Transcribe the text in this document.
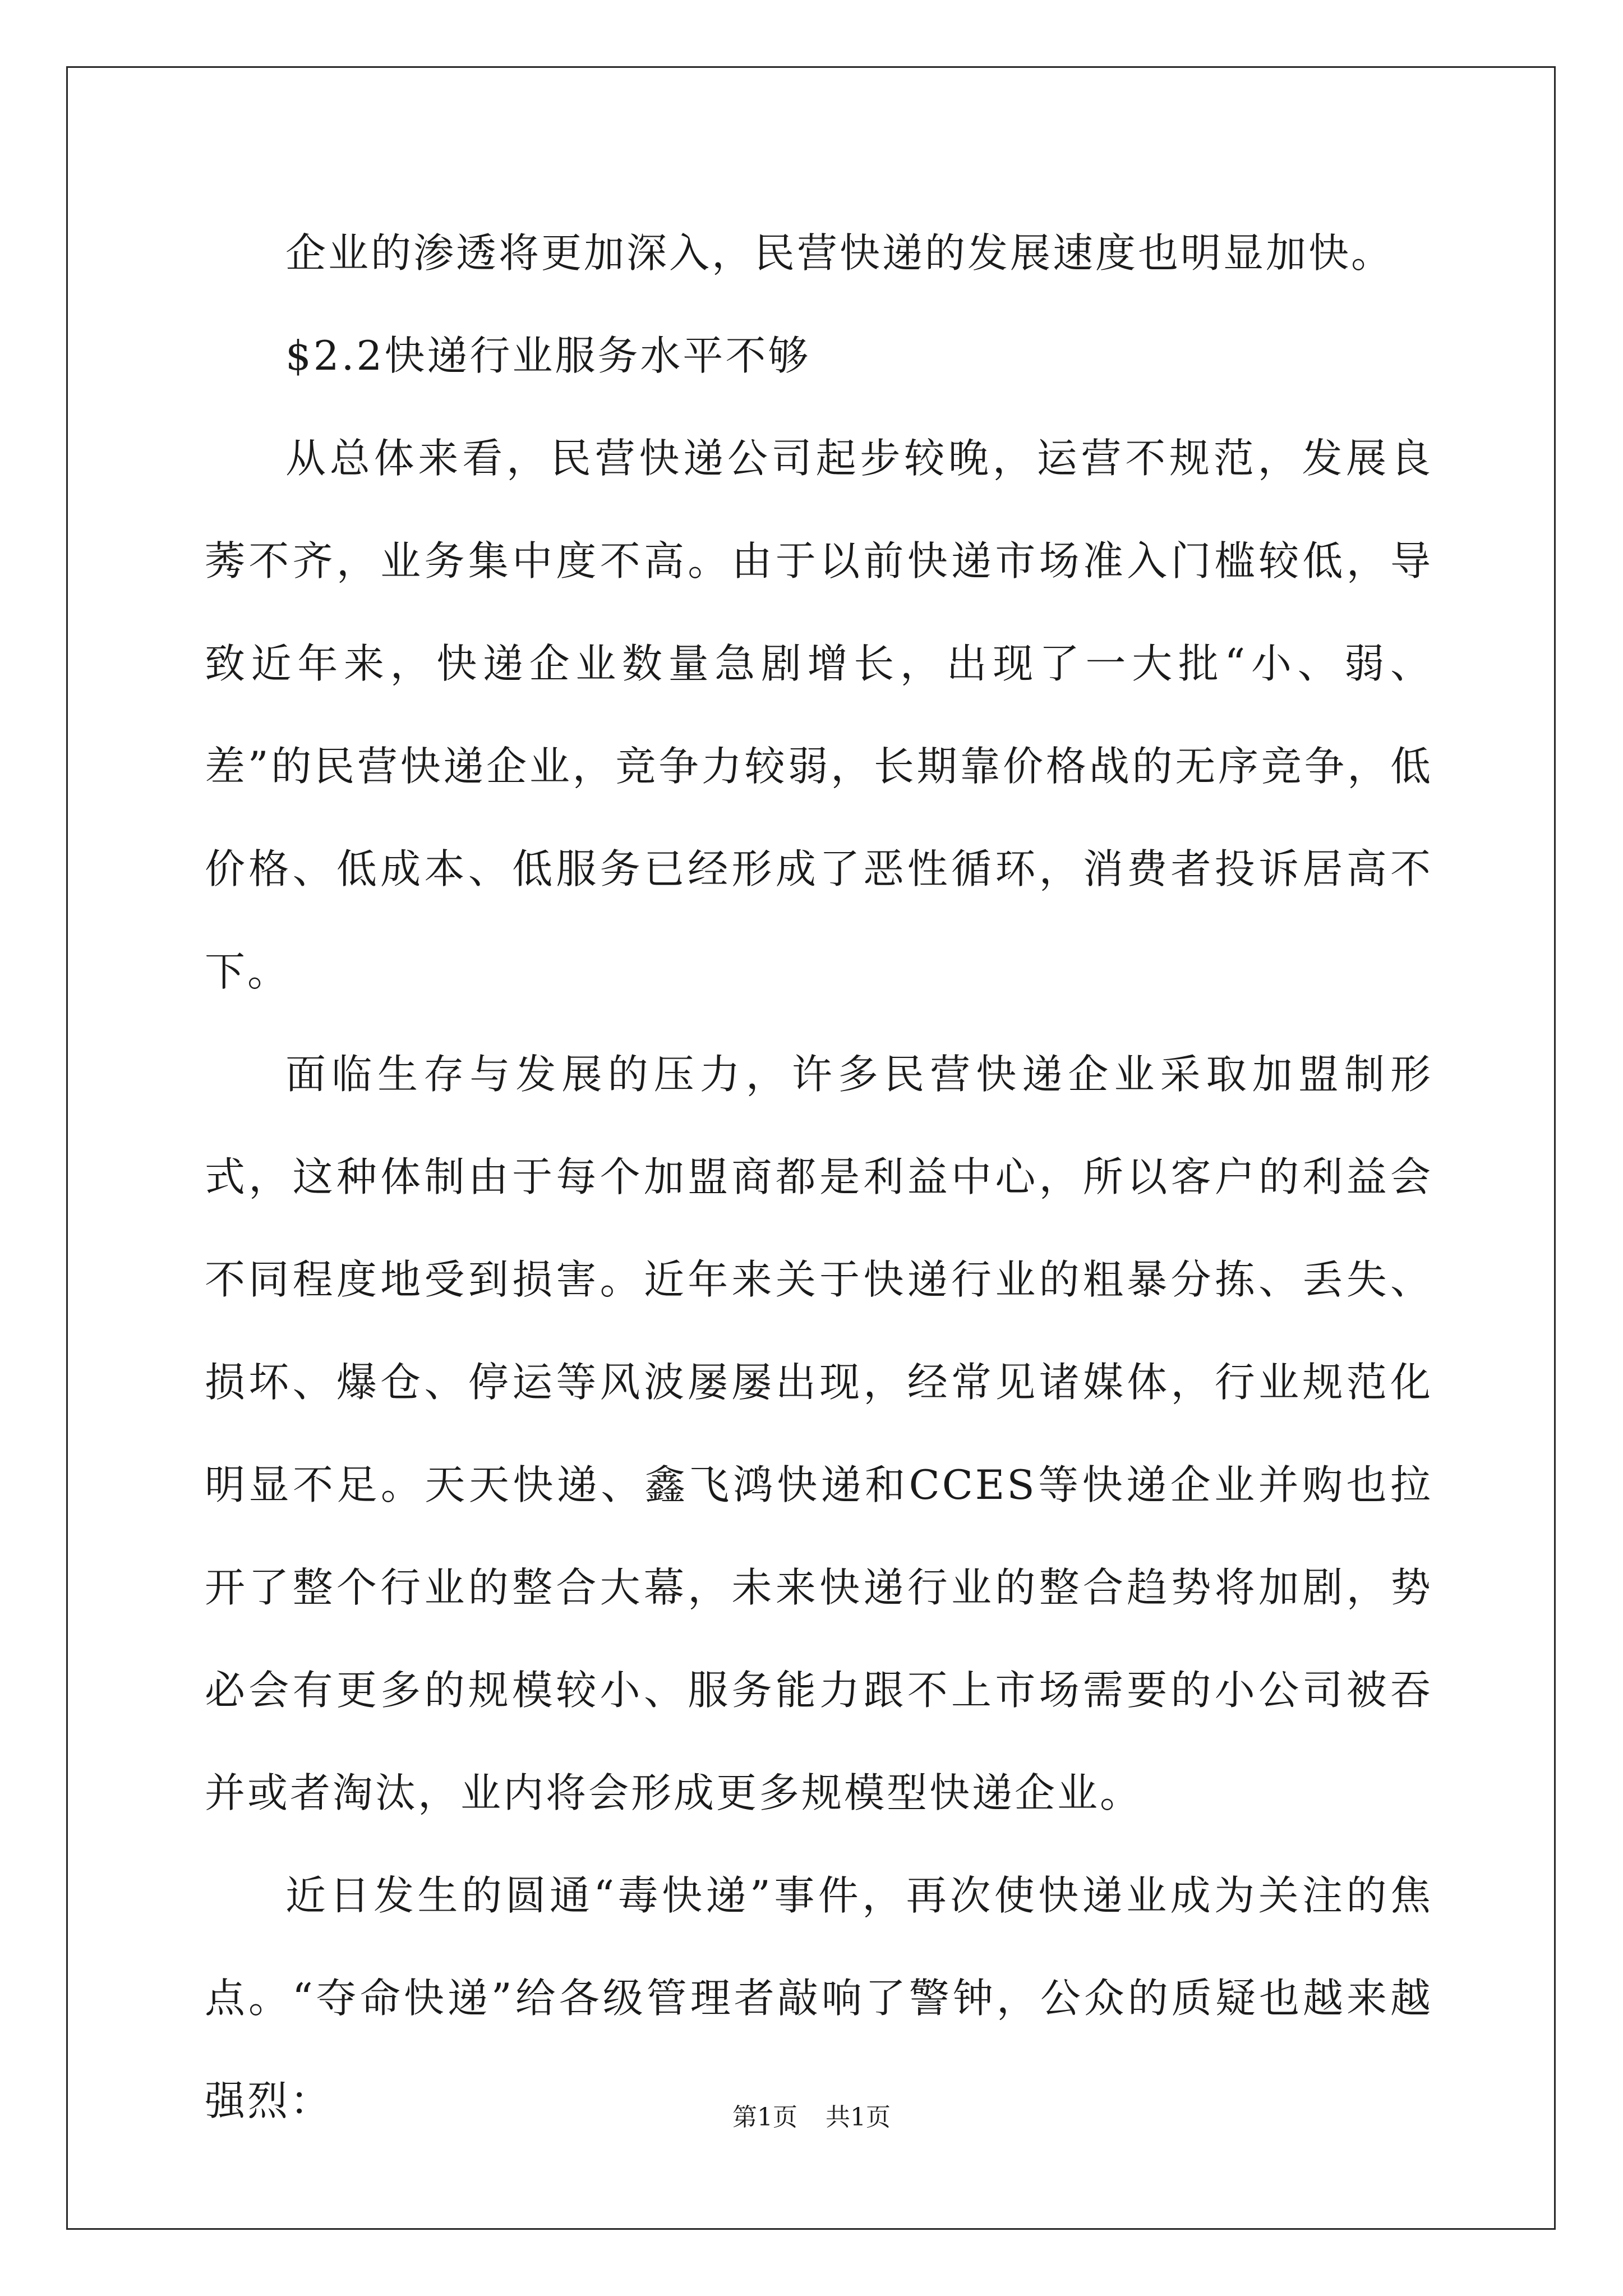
企业的渗透将更加深入，民营快递的发展速度也明显加快。

$2.2快递行业服务水平不够

从总体来看，民营快递公司起步较晚，运营不规范，发展良莠不齐，业务集中度不高。由于以前快递市场准入门槛较低，导致近年来，快递企业数量急剧增长，出现了一大批“小、弱、差”的民营快递企业，竞争力较弱，长期靠价格战的无序竞争，低价格、低成本、低服务已经形成了恶性循环，消费者投诉居高不下。

面临生存与发展的压力，许多民营快递企业采取加盟制形式，这种体制由于每个加盟商都是利益中心，所以客户的利益会不同程度地受到损害。近年来关于快递行业的粗暴分拣、丢失、损坏、爆仓、停运等风波屡屡出现，经常见诸媒体，行业规范化明显不足。天天快递、鑫飞鸿快递和CCES等快递企业并购也拉开了整个行业的整合大幕，未来快递行业的整合趋势将加剧，势必会有更多的规模较小、服务能力跟不上市场需要的小公司被吞并或者淘汰，业内将会形成更多规模型快递企业。

近日发生的圆通“毒快递”事件，再次使快递业成为关注的焦点。“夺命快递”给各级管理者敲响了警钟，公众的质疑也越来越强烈：	第1页 共1页
